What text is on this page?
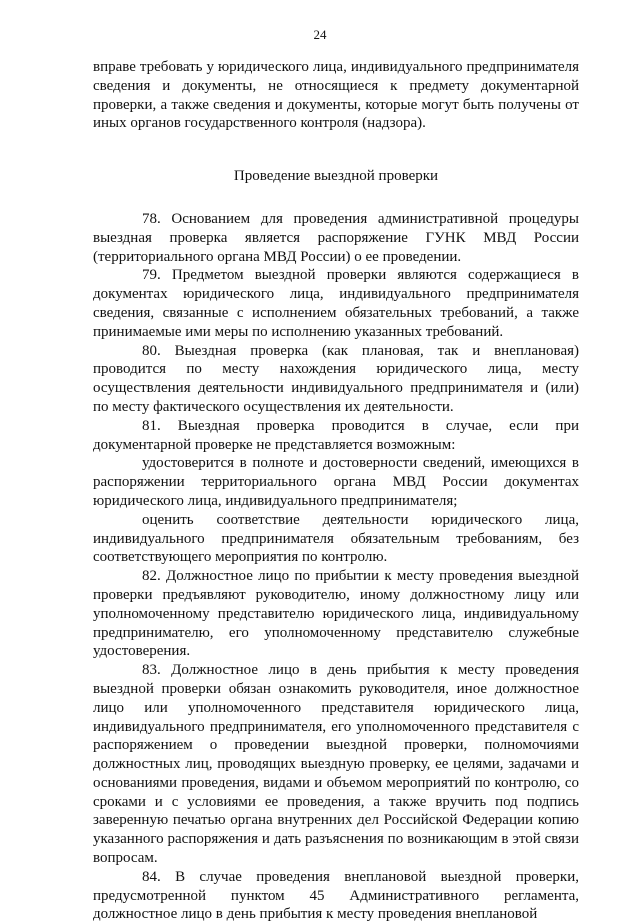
24

вправе требовать у юридического лица, индивидуального предпринимателя сведения и документы, не относящиеся к предмету документарной проверки, а также сведения и документы, которые могут быть получены от иных органов государственного контроля (надзора).

Проведение выездной проверки

78. Основанием для проведения административной процедуры выездная проверка является распоряжение ГУНК МВД России (территориального органа МВД России) о ее проведении.

79. Предметом выездной проверки являются содержащиеся в документах юридического лица, индивидуального предпринимателя сведения, связанные с исполнением обязательных требований, а также принимаемые ими меры по исполнению указанных требований.

80. Выездная проверка (как плановая, так и внеплановая) проводится по месту нахождения юридического лица, месту осуществления деятельности индивидуального предпринимателя и (или) по месту фактического осуществления их деятельности.

81. Выездная проверка проводится в случае, если при документарной проверке не представляется возможным:

удостоверится в полноте и достоверности сведений, имеющихся в распоряжении территориального органа МВД России документах юридического лица, индивидуального предпринимателя;

оценить соответствие деятельности юридического лица, индивидуального предпринимателя обязательным требованиям, без соответствующего мероприятия по контролю.

82. Должностное лицо по прибытии к месту проведения выездной проверки предъявляют руководителю, иному должностному лицу или уполномоченному представителю юридического лица, индивидуальному предпринимателю, его уполномоченному представителю служебные удостоверения.

83. Должностное лицо в день прибытия к месту проведения выездной проверки обязан ознакомить руководителя, иное должностное лицо или уполномоченного представителя юридического лица, индивидуального предпринимателя, его уполномоченного представителя с распоряжением о проведении выездной проверки, полномочиями должностных лиц, проводящих выездную проверку, ее целями, задачами и основаниями проведения, видами и объемом мероприятий по контролю, со сроками и с условиями ее проведения, а также вручить под подпись заверенную печатью органа внутренних дел Российской Федерации копию указанного распоряжения и дать разъяснения по возникающим в этой связи вопросам.

84. В случае проведения внеплановой выездной проверки, предусмотренной пунктом 45 Административного регламента, должностное лицо в день прибытия к месту проведения внеплановой
